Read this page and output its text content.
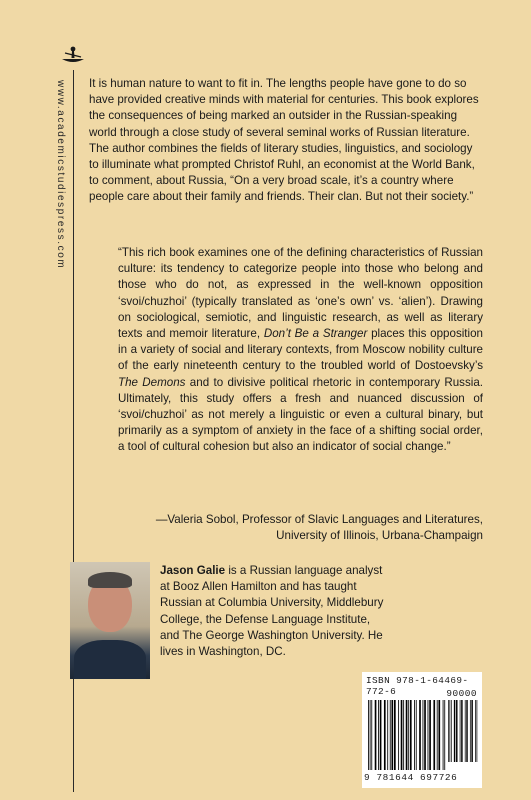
www.academicstudiespress.com It is human nature to want to fit in. The lengths people have gone to do so have provided creative minds with material for centuries. This book explores the consequences of being marked an outsider in the Russian-speaking world through a close study of several seminal works of Russian literature. The author combines the fields of literary studies, linguistics, and sociology to illuminate what prompted Christof Ruhl, an economist at the World Bank, to comment, about Russia, “On a very broad scale, it’s a country where people care about their family and friends. Their clan. But not their society.”

“This rich book examines one of the defining characteristics of Russian culture: its tendency to categorize people into those who belong and those who do not, as expressed in the well-known opposition ‘svoi/chuzhoi’ (typically translated as ‘one’s own’ vs. ‘alien’). Drawing on sociological, semiotic, and linguistic research, as well as literary texts and memoir literature, Don’t Be a Stranger places this opposition in a variety of social and literary contexts, from Moscow nobility culture of the early nineteenth century to the troubled world of Dostoevsky’s The Demons and to divisive political rhetoric in contemporary Russia. Ultimately, this study offers a fresh and nuanced discussion of ‘svoi/chuzhoi’ as not merely a linguistic or even a cultural binary, but primarily as a symptom of anxiety in the face of a shifting social order, a tool of cultural cohesion but also an indicator of social change.”

—Valeria Sobol, Professor of Slavic Languages and Literatures,
University of Illinois, Urbana-Champaign

Jason Galie is a Russian language analyst at Booz Allen Hamilton and has taught Russian at Columbia University, Middlebury College, the Defense Language Institute, and The George Washington University. He lives in Washington, DC.

ISBN 978-1-64469-772-6	90000
9 781644 697726
